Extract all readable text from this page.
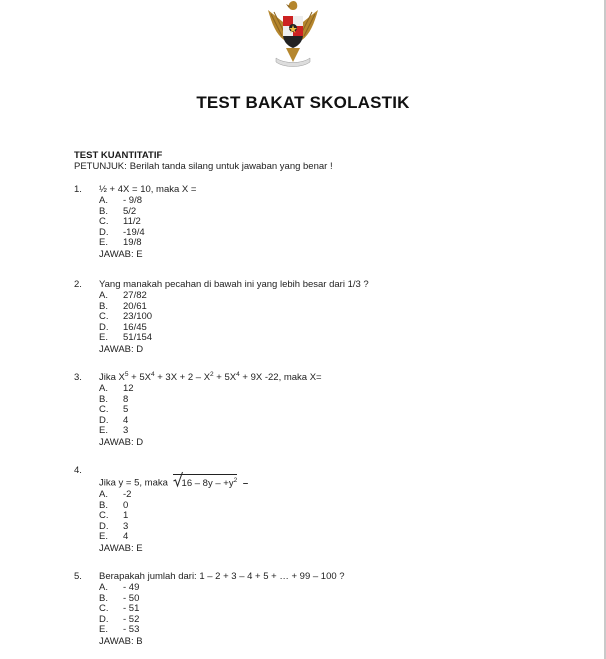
TEST BAKAT SKOLASTIK
TEST KUANTITATIF
PETUNJUK: Berilah tanda silang untuk jawaban yang benar !
1. ½ + 4X = 10, maka X =
A. - 9/8
B. 5/2
C. 11/2
D. -19/4
E. 19/8
JAWAB: E
2. Yang manakah pecahan di bawah ini yang lebih besar dari 1/3 ?
A. 27/82
B. 20/61
C. 23/100
D. 16/45
E. 51/154
JAWAB: D
3. Jika $X^5 + 5X^4 + 3X + 2 - X^2 + 5X^4 + 9X$ -22, maka X=
A. 12
B. 8
C. 5
D. 4
E. 3
JAWAB: D
4.
Jika y = 5, maka $16 - 8y - +y^2$ –
A. -2
B. 0
C. 1
D. 3
E. 4
JAWAB: E
5. Berapakah jumlah dari: 1 – 2 + 3 – 4 + 5 + … + 99 – 100 ?
A. - 49
B. - 50
C. - 51
D. - 52
E. - 53
JAWAB: B
